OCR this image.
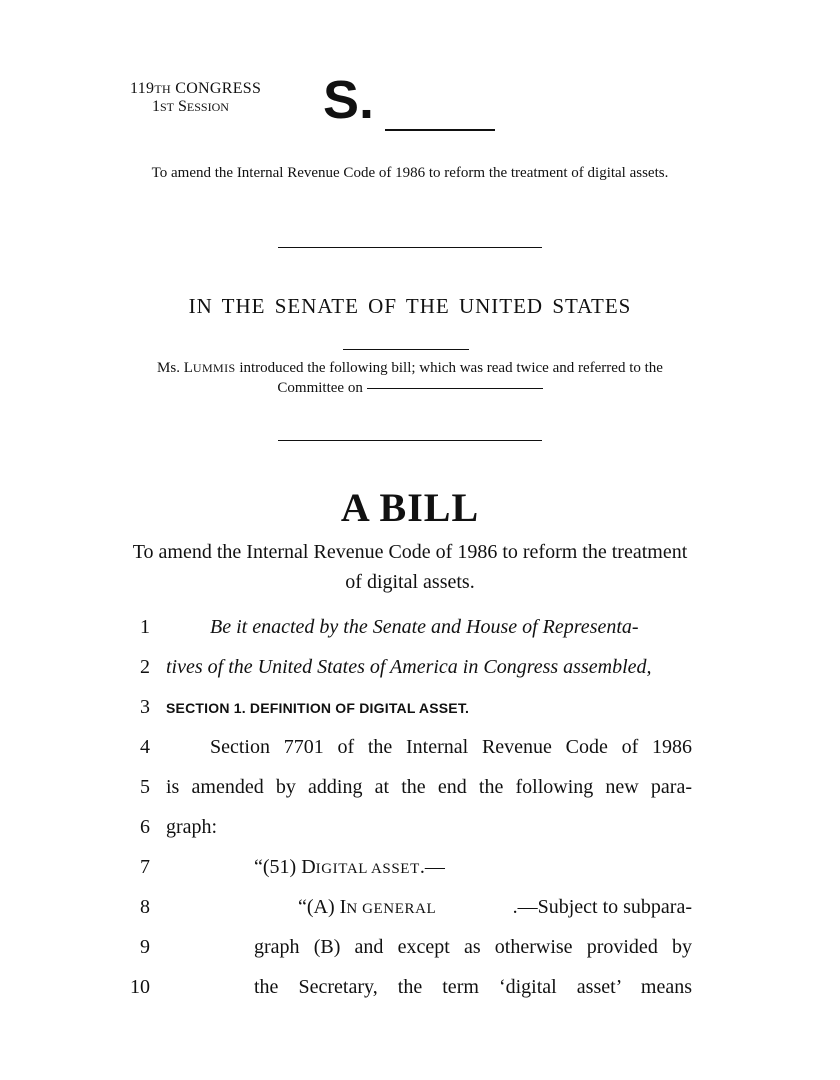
119TH CONGRESS
1ST SESSION	S.
To amend the Internal Revenue Code of 1986 to reform the treatment of digital assets.
IN THE SENATE OF THE UNITED STATES
Ms. LUMMIS introduced the following bill; which was read twice and referred to the Committee on
A BILL
To amend the Internal Revenue Code of 1986 to reform the treatment of digital assets.
1	Be it enacted by the Senate and House of Representa-
2 tives of the United States of America in Congress assembled,
3 SECTION 1. DEFINITION OF DIGITAL ASSET.
4	Section 7701 of the Internal Revenue Code of 1986
5 is amended by adding at the end the following new para-
6 graph:
7	“(51) DIGITAL ASSET.—
8	“(A) IN GENERAL	.—Subject to subpara-
9	graph (B) and except as otherwise provided by
10	the Secretary, the term ‘digital asset’ means
